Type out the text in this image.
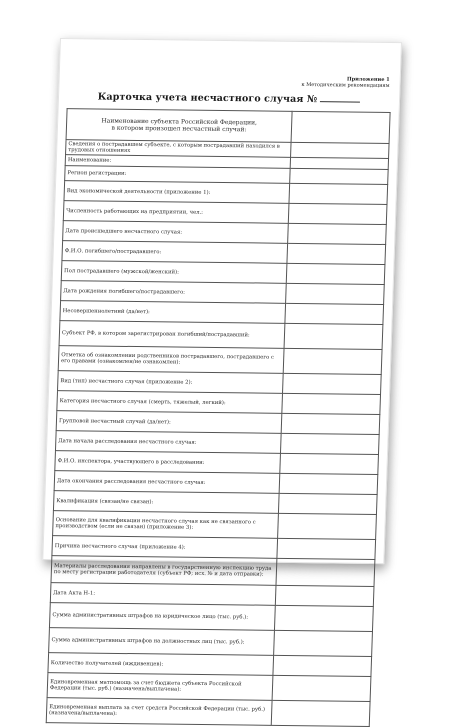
Приложение 1
к Методическим рекомендациям
Карточка учета несчастного случая №
Наименование субъекта Российской Федерации,
в котором произошел несчастный случай:	

Сведения о пострадавшем субъекте, с которым пострадавший находился в трудовых отношениях	
Наименование:	
Регион регистрации:	
Вид экономической деятельности (приложение 1):	
Численность работающих на предприятии, чел.:	
Дата происшедшего несчастного случая:	
Ф.И.О. погибшего/пострадавшего:	
Пол пострадавшего (мужской/женский):	
Дата рождения погибшего/пострадавшего:	
Несовершеннолетний (да/нет):	
Субъект РФ, в котором зарегистрирован погибший/пострадавший:	
Отметка об ознакомлении родственников пострадавшего, пострадавшего с его правами (ознакомлен/не ознакомлен):	
Вид (тип) несчастного случая (приложение 2):	
Категория несчастного случая (смерть, тяжелый, легкий):	
Групповой несчастный случай (да/нет):	
Дата начала расследования несчастного случая:	
Ф.И.О. инспектора, участвующего в расследовании:	
Дата окончания расследования несчастного случая:	
Квалификация (связан/не связан):	
Основание для квалификации несчастного случая как не связанного с производством (если не связан) (приложение 3):	
Причина несчастного случая (приложение 4):	
Материалы расследования направлены в государственную инспекцию труда по месту регистрации работодателя (субъект РФ; исх. № и дата отправки):	
Дата Акта Н-1:	
Сумма административных штрафов на юридическое лицо (тыс. руб.):	
Сумма административных штрафов на должностных лиц (тыс. руб.):	
Количество получателей (иждивенцев):	
Единовременная матпомощь за счет бюджета субъекта Российской Федерации (тыс. руб.) (назначена/выплачена):	
Единовременная выплата за счет средств Российской Федерации (тыс. руб.) (назначена/выплачена):	
